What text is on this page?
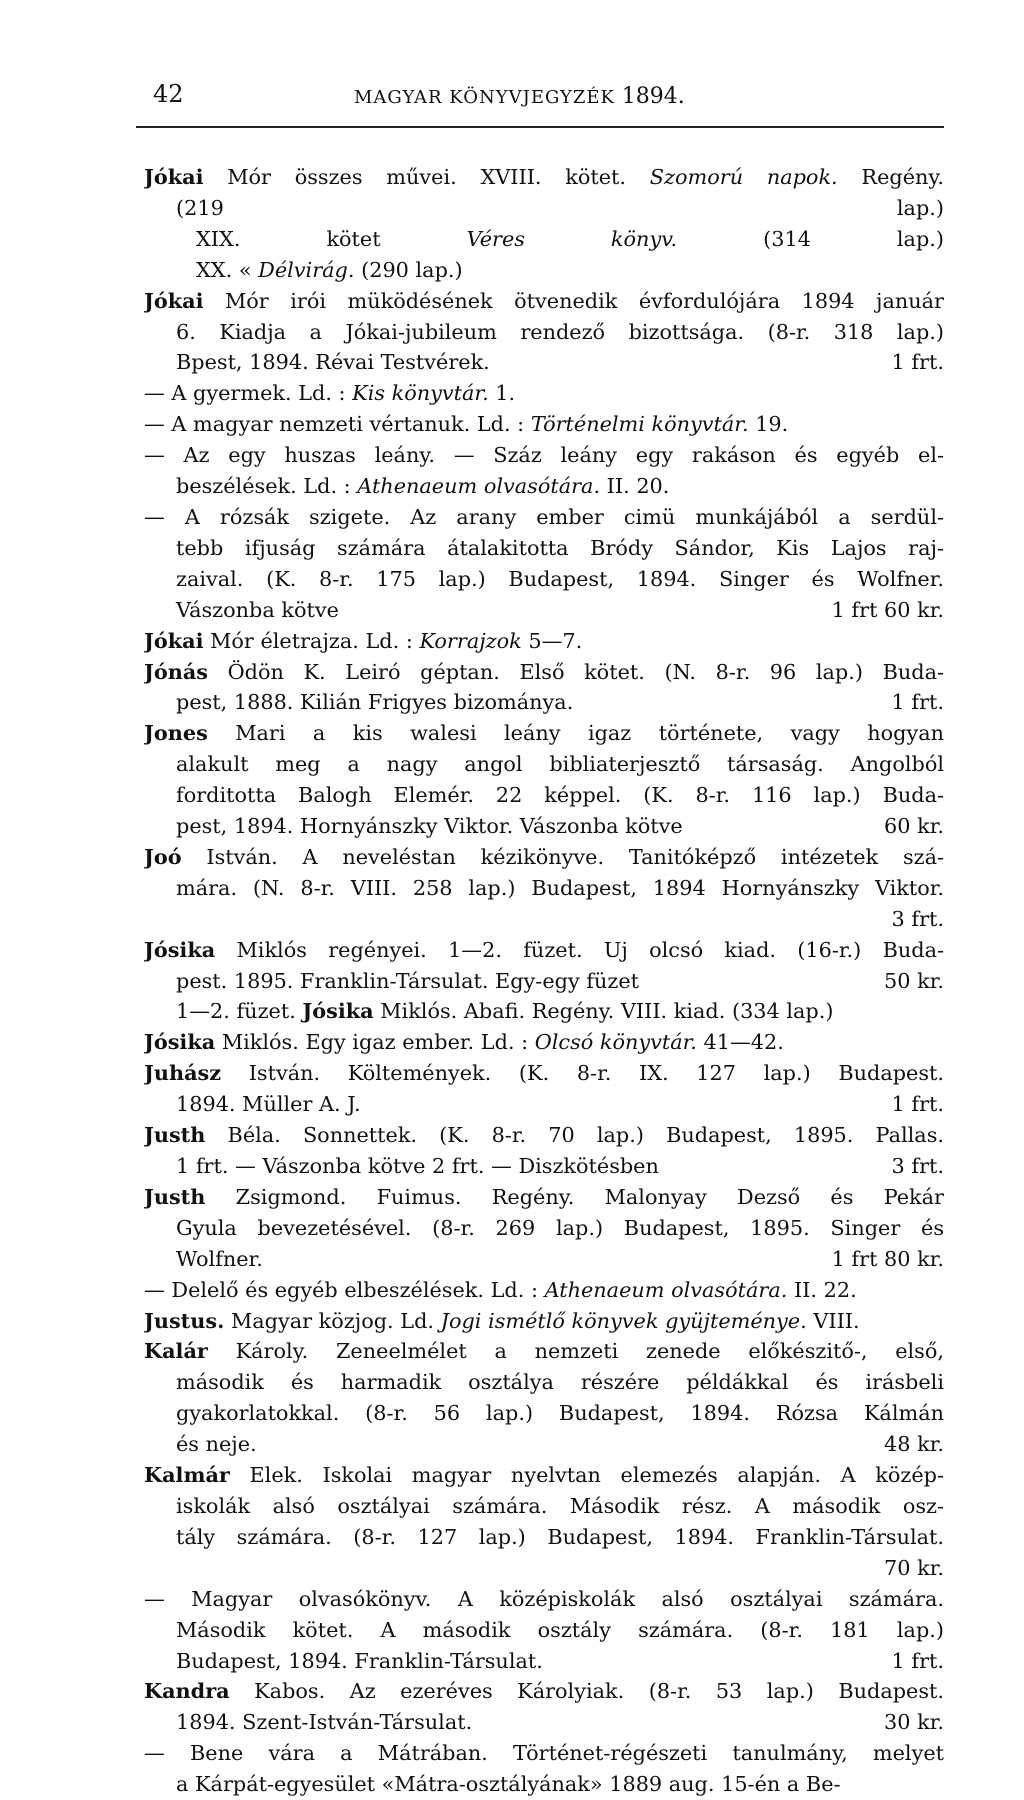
42	MAGYAR KÖNYVJEGYZÉK 1894.
Jókai Mór összes művei. XVIII. kötet. Szomorú napok. Regény.
(219 lap.)
XIX. kötet Véres könyv. (314 lap.)
XX. « Délvirág. (290 lap.)
Jókai Mór irói müködésének ötvenedik évfordulójára 1894 január
6. Kiadja a Jókai-jubileum rendező bizottsága. (8-r. 318 lap.)
Bpest, 1894. Révai Testvérek.	1 frt.
— A gyermek. Ld. : Kis könyvtár. 1.
— A magyar nemzeti vértanuk. Ld. : Történelmi könyvtár. 19.
— Az egy huszas leány. — Száz leány egy rakáson és egyéb el-
beszélések. Ld. : Athenaeum olvasótára. II. 20.
— A rózsák szigete. Az arany ember cimü munkájából a serdül-
tebb ifjuság számára átalakitotta Bródy Sándor, Kis Lajos raj-
zaival. (K. 8-r. 175 lap.) Budapest, 1894. Singer és Wolfner.
Vászonba kötve	1 frt 60 kr.
Jókai Mór életrajza. Ld. : Korrajzok 5—7.
Jónás Ödön K. Leiró géptan. Első kötet. (N. 8-r. 96 lap.) Buda-
pest, 1888. Kilián Frigyes bizománya.	1 frt.
Jones Mari a kis walesi leány igaz története, vagy hogyan
alakult meg a nagy angol bibliaterjesztő társaság. Angolból
forditotta Balogh Elemér. 22 képpel. (K. 8-r. 116 lap.) Buda-
pest, 1894. Hornyánszky Viktor. Vászonba kötve	60 kr.
Joó István. A neveléstan kézikönyve. Tanitóképző intézetek szá-
mára. (N. 8-r. VIII. 258 lap.) Budapest, 1894 Hornyánszky Viktor.
3 frt.
Jósika Miklós regényei. 1—2. füzet. Uj olcsó kiad. (16-r.) Buda-
pest. 1895. Franklin-Társulat. Egy-egy füzet	50 kr.
1—2. füzet. Jósika Miklós. Abafi. Regény. VIII. kiad. (334 lap.)
Jósika Miklós. Egy igaz ember. Ld. : Olcsó könyvtár. 41—42.
Juhász István. Költemények. (K. 8-r. IX. 127 lap.) Budapest.
1894. Müller A. J.	1 frt.
Justh Béla. Sonnettek. (K. 8-r. 70 lap.) Budapest, 1895. Pallas.
1 frt. — Vászonba kötve 2 frt. — Diszkötésben	3 frt.
Justh Zsigmond. Fuimus. Regény. Malonyay Dezső és Pekár
Gyula bevezetésével. (8-r. 269 lap.) Budapest, 1895. Singer és
Wolfner.	1 frt 80 kr.
— Delelő és egyéb elbeszélések. Ld. : Athenaeum olvasótára. II. 22.
Justus. Magyar közjog. Ld. Jogi ismétlő könyvek gyüjteménye. VIII.
Kalár Károly. Zeneelmélet a nemzeti zenede előkészitő-, első,
második és harmadik osztálya részére példákkal és irásbeli
gyakorlatokkal. (8-r. 56 lap.) Budapest, 1894. Rózsa Kálmán
és neje.	48 kr.
Kalmár Elek. Iskolai magyar nyelvtan elemezés alapján. A közép-
iskolák alsó osztályai számára. Második rész. A második osz-
tály számára. (8-r. 127 lap.) Budapest, 1894. Franklin-Társulat.
70 kr.
— Magyar olvasókönyv. A középiskolák alsó osztályai számára.
Második kötet. A második osztály számára. (8-r. 181 lap.)
Budapest, 1894. Franklin-Társulat.	1 frt.
Kandra Kabos. Az ezeréves Károlyiak. (8-r. 53 lap.) Budapest.
1894. Szent-István-Társulat.	30 kr.
— Bene vára a Mátrában. Történet-régészeti tanulmány, melyet
a Kárpát-egyesület «Mátra-osztályának» 1889 aug. 15-én a Be-
